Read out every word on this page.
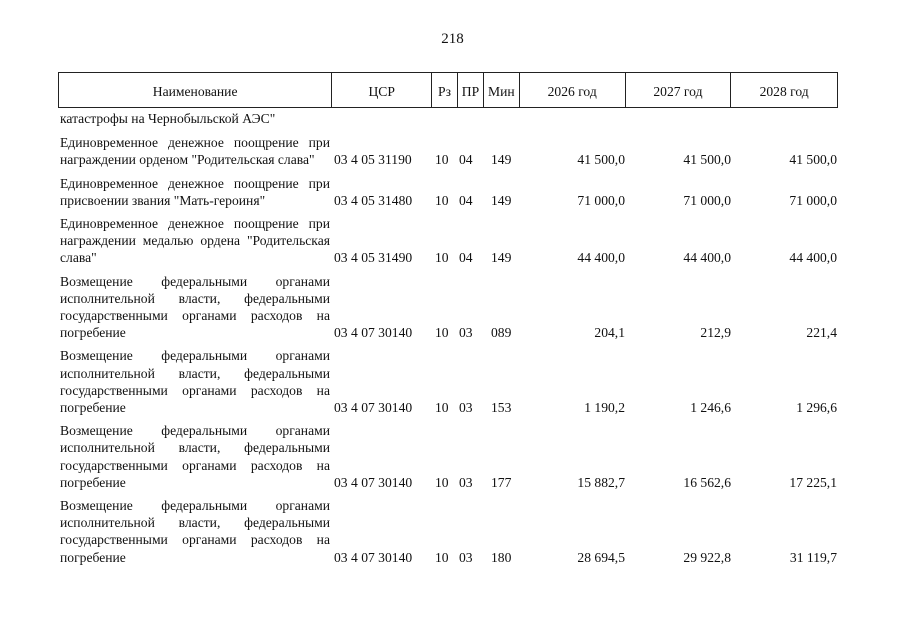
218
Наименование	ЦСР	Рз ПР Мин	2026 год	2027 год	2028 год
катастрофы на Чернобыльской АЭС"
Единовременное денежное поощрение при награждении орденом "Родительская слава"	03 4 05 31190	10 04	149	41 500,0	41 500,0	41 500,0
Единовременное денежное поощрение при присвоении звания "Мать-героиня"	03 4 05 31480	10 04	149	71 000,0	71 000,0	71 000,0
Единовременное денежное поощрение при награждении медалью ордена "Родительская слава"	03 4 05 31490	10 04	149	44 400,0	44 400,0	44 400,0
Возмещение федеральными органами исполнительной власти, федеральными государственными органами расходов на погребение	03 4 07 30140	10 03	089	204,1	212,9	221,4
Возмещение федеральными органами исполнительной власти, федеральными государственными органами расходов на погребение	03 4 07 30140	10 03	153	1 190,2	1 246,6	1 296,6
Возмещение федеральными органами исполнительной власти, федеральными государственными органами расходов на погребение	03 4 07 30140	10 03	177	15 882,7	16 562,6	17 225,1
Возмещение федеральными органами исполнительной власти, федеральными государственными органами расходов на погребение	03 4 07 30140	10 03	180	28 694,5	29 922,8	31 119,7
